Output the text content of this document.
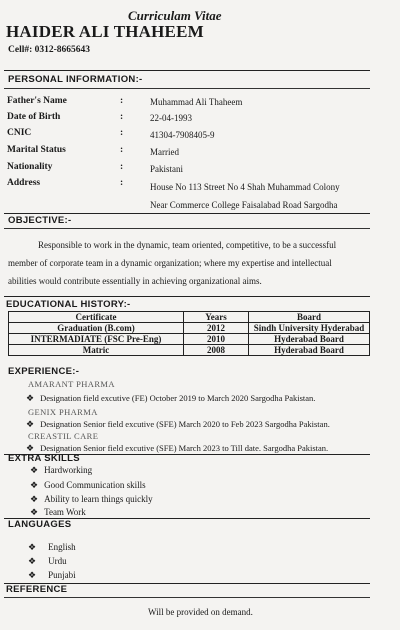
Curriculam Vitae
HAIDER ALI THAHEEM
Cell#: 0312-8665643
PERSONAL INFORMATION:-
Father's Name	:	Muhammad Ali Thaheem
Date of Birth	:	22-04-1993
CNIC	:	41304-7908405-9
Marital Status	:	Married
Nationality	:	Pakistani
Address	:	House No 113 Street No 4 Shah Muhammad Colony
Near Commerce College Faisalabad Road Sargodha
OBJECTIVE:-
Responsible to work in the dynamic, team oriented, competitive, to be a successful
member of corporate team in a dynamic organization; where my expertise and intellectual
abilities would contribute essentially in achieving organizational aims.
EDUCATIONAL HISTORY:-
Certificate	Years	Board
Graduation (B.com)	2012	Sindh University Hyderabad
INTERMADIATE (FSC Pre-Eng)	2010	Hyderabad Board
Matric	2008	Hyderabad Board
EXPERIENCE:-
AMARANT PHARMA
❖ Designation field excutive (FE) October 2019 to March 2020 Sargodha Pakistan.
GENIX PHARMA
❖ Designation Senior field excutive (SFE) March 2020 to Feb 2023 Sargodha Pakistan.
CREASTIL CARE
❖ Designation Senior field excutive (SFE) March 2023 to Till date. Sargodha Pakistan.
EXTRA SKILLS
❖ Hardworking
❖ Good Communication skills
❖ Ability to learn things quickly
❖ Team Work
LANGUAGES
❖ English
❖ Urdu
❖ Punjabi
REFERENCE
Will be provided on demand.
